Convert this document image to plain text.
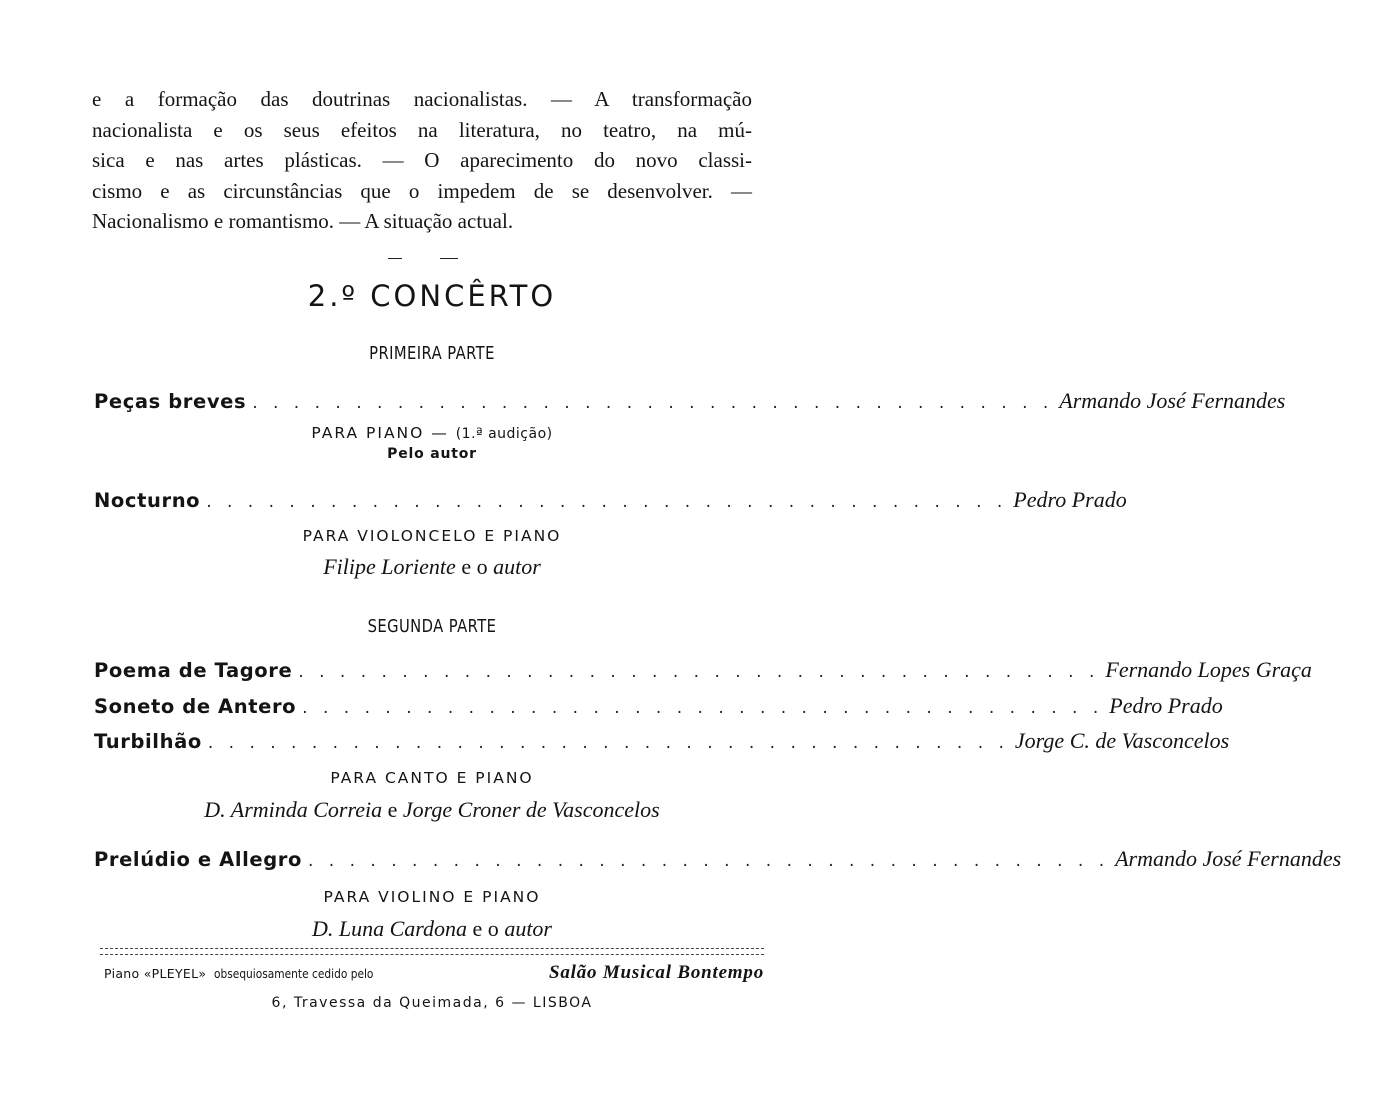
e a formação das doutrinas nacionalistas. — A transformação
nacionalista e os seus efeitos na literatura, no teatro, na mú-
sica e nas artes plásticas. — O aparecimento do novo classi-
cismo e as circunstâncias que o impedem de se desenvolver. —
Nacionalismo e romantismo. — A situação actual.
2.º CONCÊRTO
PRIMEIRA PARTE
Peças breves . . . . . . . . . . . . . . . . . . . . . . . . . . . . . . . . . . . . . . . Armando José Fernandes
PARA PIANO — (1.ª audição)
Pelo autor
Nocturno . . . . . . . . . . . . . . . . . . . . . . . . . . . . . . . . . . . . . . . Pedro Prado
PARA VIOLONCELO E PIANO
Filipe Loriente e o autor
SEGUNDA PARTE
Poema de Tagore . . . . . . . . . . . . . . . . . . . . . . . . . . . . . . . . . . . . . . . Fernando Lopes Graça
Soneto de Antero . . . . . . . . . . . . . . . . . . . . . . . . . . . . . . . . . . . . . . . Pedro Prado
Turbilhão . . . . . . . . . . . . . . . . . . . . . . . . . . . . . . . . . . . . . . . Jorge C. de Vasconcelos
PARA CANTO E PIANO
D. Arminda Correia e Jorge Croner de Vasconcelos
Prelúdio e Allegro . . . . . . . . . . . . . . . . . . . . . . . . . . . . . . . . . . . . . . . Armando José Fernandes
PARA VIOLINO E PIANO
D. Luna Cardona e o autor
Piano «PLEYEL» obsequiosamente cedido pelo	Salão Musical Bontempo
6, Travessa da Queimada, 6 — LISBOA
